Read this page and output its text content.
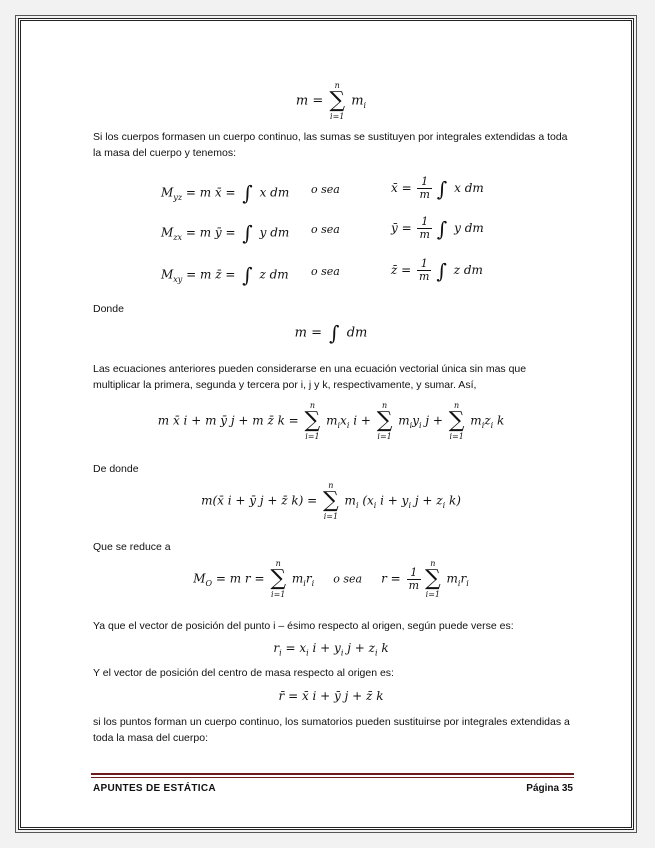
m =
n
∑
i=1
$m_i$
Si los cuerpos formasen un cuerpo continuo, las sumas se sustituyen por integrales extendidas a toda la masa del cuerpo y tenemos:
$M_{yz} = m$ x̄ = ∫ x dm o sea	x̄ = $\frac{1}{m}$ ∫ x dm
$M_{zx} = m$ ȳ = ∫ y dm o sea	ȳ = $\frac{1}{m}$ ∫ y dm
$M_{xy} = m$ z̄ = ∫ z dm o sea	z̄ = $\frac{1}{m}$ ∫ z dm
Donde
m = ∫ dm
Las ecuaciones anteriores pueden considerarse en una ecuación vectorial única sin mas que multiplicar la primera, segunda y tercera por i, j y k, respectivamente, y sumar. Así,
m x̄ i + m ȳ j + m z̄ k =
n
∑
i=1
$m_ix_i$ i +
n
∑
i=1
$m_iy_i$ j +
n
∑
i=1
$m_iz_i$ k
De donde
m(x̄ i + ȳ j + z̄ k) =
n
∑
i=1
$m_i$ ($x_i$ $i + y_i$ $j + z_i$ k)
Que se reduce a
$M_O = m$ r =
n
∑
i=1
$m_ir_i$ o sea     $r = \frac{1}{m}$
n
∑
i=1
$m_ir_i$
Ya que el vector de posición del punto i – ésimo respecto al origen, según puede verse es:
$r_i = x_i$ $i + y_i$ $j + z_i$ k
Y el vector de posición del centro de masa respecto al origen es:
r̄ = x̄ i + ȳ j + z̄ k
si los puntos forman un cuerpo continuo, los sumatorios pueden sustituirse por integrales extendidas a toda la masa del cuerpo:
APUNTES DE ESTÁTICA	Página 35
